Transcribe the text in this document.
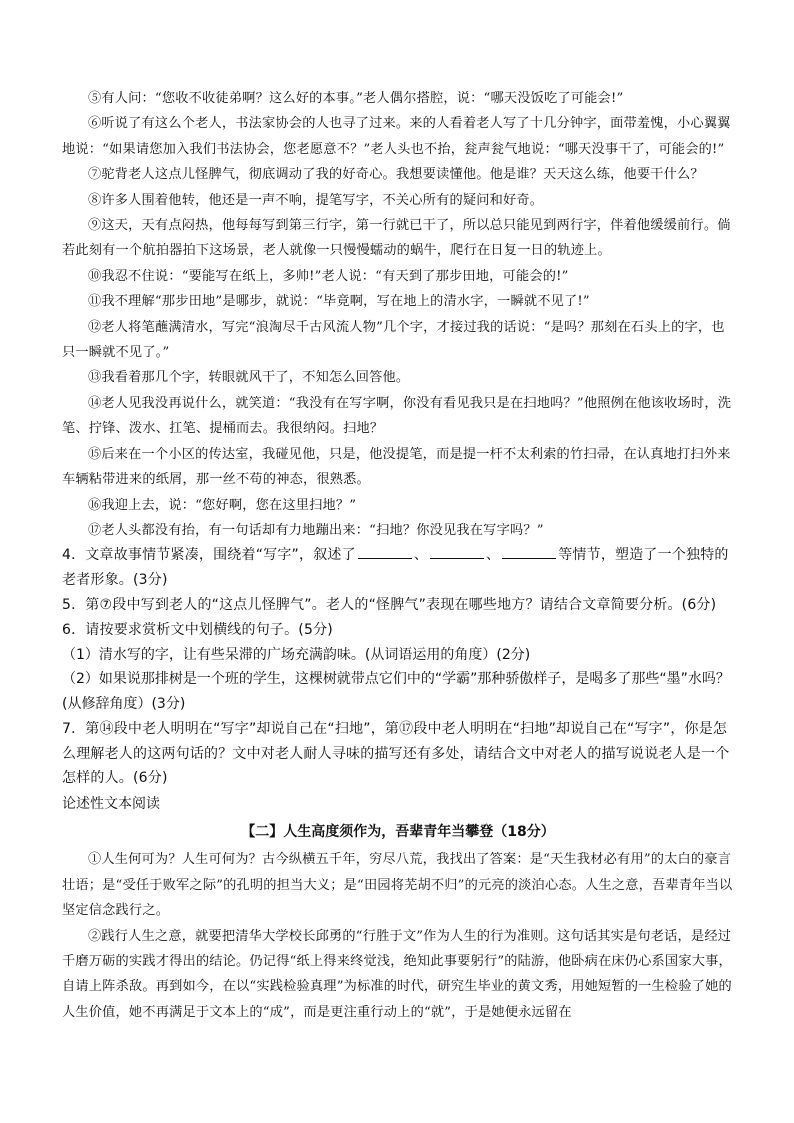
⑤有人问：“您收不收徒弟啊？这么好的本事。”老人偶尔搭腔，说：“哪天没饭吃了可能会!”

⑥听说了有这么个老人，书法家协会的人也寻了过来。来的人看着老人写了十几分钟字，面带羞愧，小心翼翼地说：“如果请您加入我们书法协会，您老愿意不？”老人头也不抬，瓮声瓮气地说：“哪天没事干了，可能会的!”

⑦驼背老人这点儿怪脾气，彻底调动了我的好奇心。我想要读懂他。他是谁？天天这么练，他要干什么？

⑧许多人围着他转，他还是一声不响，提笔写字，不关心所有的疑问和好奇。

⑨这天，天有点闷热，他每每写到第三行字，第一行就已干了，所以总只能见到两行字，伴着他缓缓前行。倘若此刻有一个航拍器拍下这场景，老人就像一只慢慢蠕动的蜗牛，爬行在日复一日的轨迹上。

⑩我忍不住说：“要能写在纸上，多帅!”老人说：“有天到了那步田地，可能会的!”

⑪我不理解“那步田地”是哪步，就说：“毕竟啊，写在地上的清水字，一瞬就不见了!”

⑫老人将笔蘸满清水，写完“浪淘尽千古风流人物”几个字，才接过我的话说：“是吗？那刻在石头上的字，也只一瞬就不见了。”

⑬我看着那几个字，转眼就风干了，不知怎么回答他。

⑭老人见我没再说什么，就笑道：“我没有在写字啊，你没有看见我只是在扫地吗？”他照例在他该收场时，洗笔、拧锋、泼水、扛笔、提桶而去。我很纳闷。扫地？

⑮后来在一个小区的传达室，我碰见他，只是，他没提笔，而是提一杆不太利索的竹扫帚，在认真地打扫外来车辆粘带进来的纸屑，那一丝不苟的神态，很熟悉。

⑯我迎上去，说：“您好啊，您在这里扫地？”

⑰老人头都没有抬，有一句话却有力地蹦出来：“扫地？你没见我在写字吗？”

4．文章故事情节紧凑，围绕着“写字”，叙述了	、	、	等情节，塑造了一个独特的老者形象。(3分)

5．第⑦段中写到老人的“这点儿怪脾气”。老人的“怪脾气”表现在哪些地方？请结合文章简要分析。(6分)

6．请按要求赏析文中划横线的句子。(5分)

（1）清水写的字，让有些呆滞的广场充满韵味。(从词语运用的角度）(2分)

（2）如果说那排树是一个班的学生，这棵树就带点它们中的“学霸”那种骄傲样子，是喝多了那些“墨”水吗？(从修辞角度）(3分)

7．第⑭段中老人明明在“写字”却说自己在“扫地”，第⑰段中老人明明在“扫地”却说自己在“写字”，你是怎么理解老人的这两句话的？文中对老人耐人寻味的描写还有多处，请结合文中对老人的描写说说老人是一个怎样的人。(6分)

论述性文本阅读

【二】人生高度须作为，吾辈青年当攀登（18分）

①人生何可为？人生可何为？古今纵横五千年，穷尽八荒，我找出了答案：是“天生我材必有用”的太白的豪言壮语；是“受任于败军之际”的孔明的担当大义；是“田园将芜胡不归”的元亮的淡泊心态。人生之意，吾辈青年当以坚定信念践行之。

②践行人生之意，就要把清华大学校长邱勇的“行胜于文”作为人生的行为准则。这句话其实是句老话，是经过千磨万砺的实践才得出的结论。仍记得“纸上得来终觉浅，绝知此事要躬行”的陆游，他卧病在床仍心系国家大事，自请上阵杀敌。再到如今，在以“实践检验真理”为标准的时代，研究生毕业的黄文秀，用她短暂的一生检验了她的人生价值，她不再满足于文本上的“成”，而是更注重行动上的“就”，于是她便永远留在
